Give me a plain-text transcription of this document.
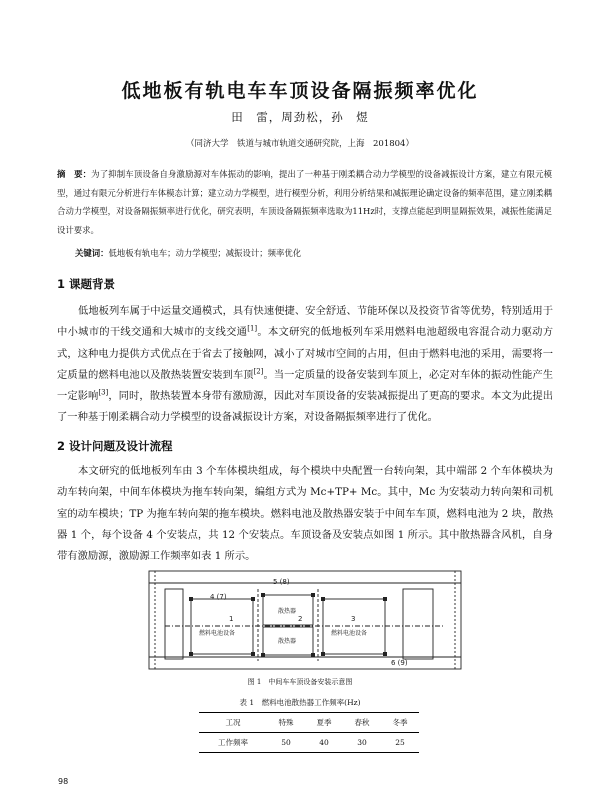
低地板有轨电车车顶设备隔振频率优化
田　雷，周劲松，孙　煜
（同济大学　铁道与城市轨道交通研究院，上海　201804）
摘　要：为了抑制车顶设备自身激励源对车体振动的影响，提出了一种基于刚柔耦合动力学模型的设备减振设计方案，建立有限元模型，通过有限元分析进行车体模态计算；建立动力学模型，进行模型分析，利用分析结果和减振理论确定设备的频率范围，建立刚柔耦合动力学模型，对设备隔振频率进行优化，研究表明，车顶设备隔振频率选取为11Hz时，支撑点能起到明显隔振效果，减振性能满足设计要求。
关键词：低地板有轨电车；动力学模型；减振设计；频率优化
1 课题背景
低地板列车属于中运量交通模式，具有快速便捷、安全舒适、节能环保以及投资节省等优势，特别适用于中小城市的干线交通和大城市的支线交通[1]。本文研究的低地板列车采用燃料电池超级电容混合动力驱动方式，这种电力提供方式优点在于省去了接触网，减小了对城市空间的占用，但由于燃料电池的采用，需要将一定质量的燃料电池以及散热装置安装到车顶[2]。当一定质量的设备安装到车顶上，必定对车体的振动性能产生一定影响[3]，同时，散热装置本身带有激励源，因此对车顶设备的安装减振提出了更高的要求。本文为此提出了一种基于刚柔耦合动力学模型的设备减振设计方案，对设备隔振频率进行了优化。
2 设计问题及设计流程
本文研究的低地板列车由 3 个车体模块组成，每个模块中央配置一台转向架，其中端部 2 个车体模块为动车转向架，中间车体模块为拖车转向架，编组方式为 Mc+TP+ Mc。其中，Mc 为安装动力转向架和司机室的动车模块；TP 为拖车转向架的拖车模块。燃料电池及散热器安装于中间车车顶，燃料电池为 2 块，散热器 1 个，每个设备 4 个安装点，共 12 个安装点。车顶设备及安装点如图 1 所示。其中散热器含风机，自身带有激励源，激励源工作频率如表 1 所示。
4 (7)
5 (8)
6 (9)
1	2	3
燃料电池设备
散热器
散热器
燃料电池设备
图 1　中间车车顶设备安装示意图
表 1　燃料电池散热器工作频率(Hz)
工况	特殊	夏季	春秋	冬季
工作频率	50	40	30	25
98
